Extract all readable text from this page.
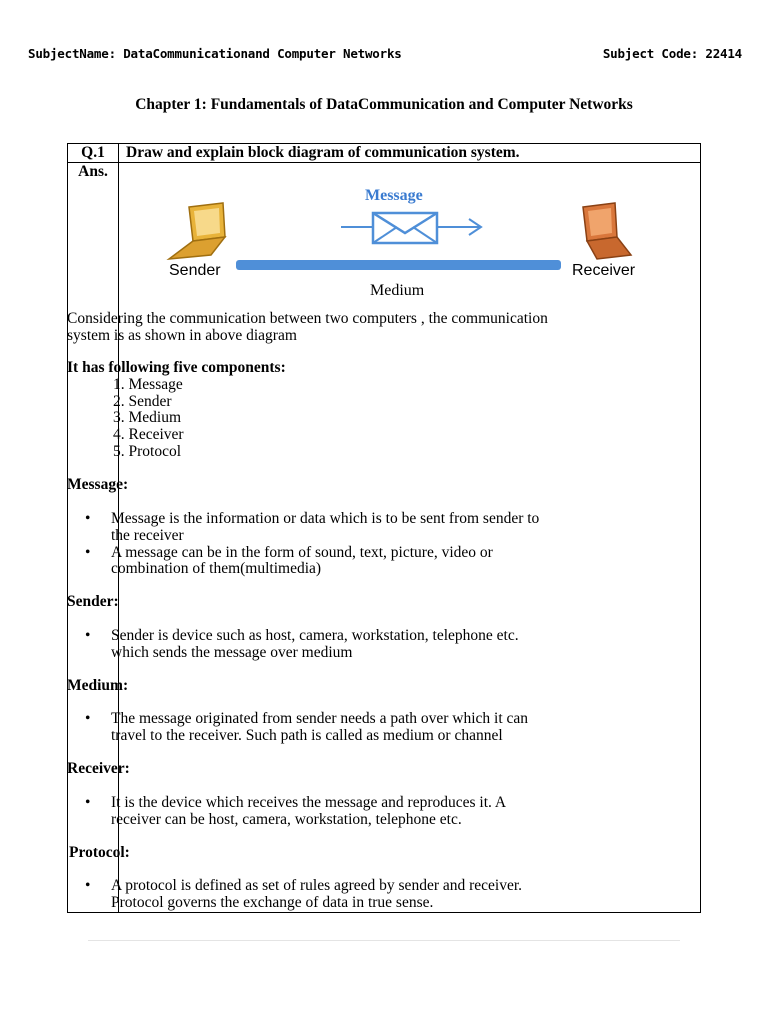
SubjectName: DataCommunicationand Computer Networks	Subject Code: 22414
Chapter 1: Fundamentals of DataCommunication and Computer Networks
Q.1	Draw and explain block diagram of communication system.
Ans.
Message
Sender	Receiver
Medium
Considering the communication between two computers , the communication
system is as shown in above diagram
It has following five components:
1. Message
2. Sender
3. Medium
4. Receiver
5. Protocol
Message:
• Message is the information or data which is to be sent from sender to
the receiver
• A message can be in the form of sound, text, picture, video or
combination of them(multimedia)
Sender:
• Sender is device such as host, camera, workstation, telephone etc.
which sends the message over medium
Medium:
• The message originated from sender needs a path over which it can
travel to the receiver. Such path is called as medium or channel
Receiver:
• It is the device which receives the message and reproduces it. A
receiver can be host, camera, workstation, telephone etc.
Protocol:
• A protocol is defined as set of rules agreed by sender and receiver.
Protocol governs the exchange of data in true sense.
